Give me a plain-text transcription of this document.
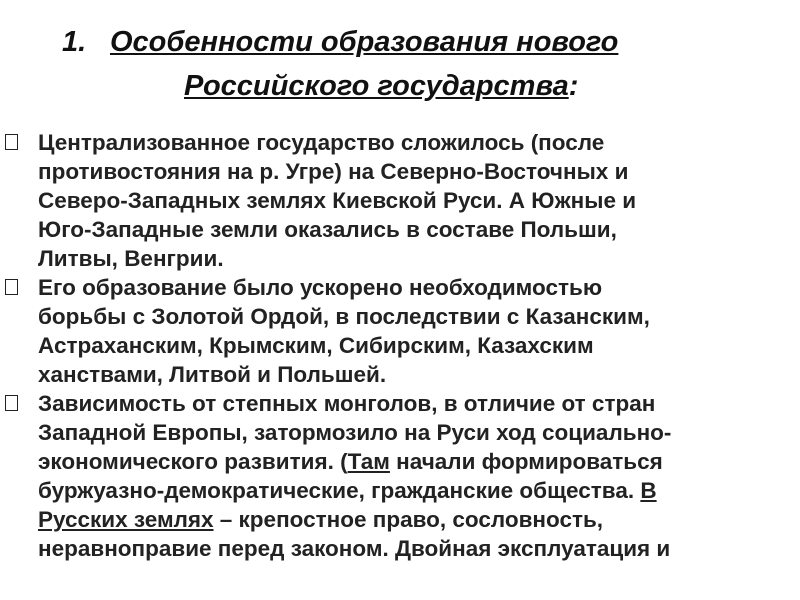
1. Особенности образования нового
Российского государства:
Централизованное государство сложилось (после
противостояния на р. Угре) на Северно-Восточных и
Северо-Западных землях Киевской Руси. А Южные и
Юго-Западные земли оказались в составе Польши,
Литвы, Венгрии.
Его образование было ускорено необходимостью
борьбы с Золотой Ордой, в последствии с Казанским,
Астраханским, Крымским, Сибирским, Казахским
ханствами, Литвой и Польшей.
Зависимость от степных монголов, в отличие от стран
Западной Европы, затормозило на Руси ход социально-
экономического развития. (Там начали формироваться
буржуазно-демократические, гражданские общества. В
Русских землях – крепостное право, сословность,
неравноправие перед законом. Двойная эксплуатация и
